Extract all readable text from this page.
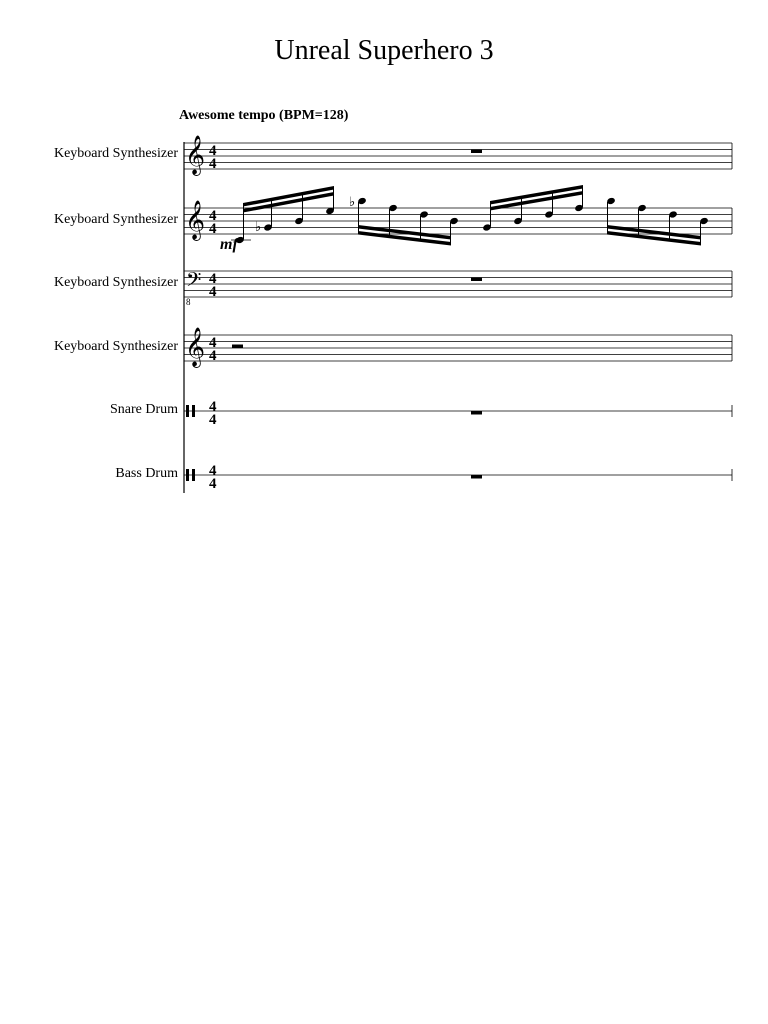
Unreal Superhero 3
Awesome tempo (BPM=128)
Keyboard Synthesizer
Keyboard Synthesizer
Keyboard Synthesizer
Keyboard Synthesizer
Snare Drum
Bass Drum
𝄞 4
4
𝄞 4
4	♭
mf
♭
𝄢
8
4
4
𝄞 4
4
4
4
4
4
